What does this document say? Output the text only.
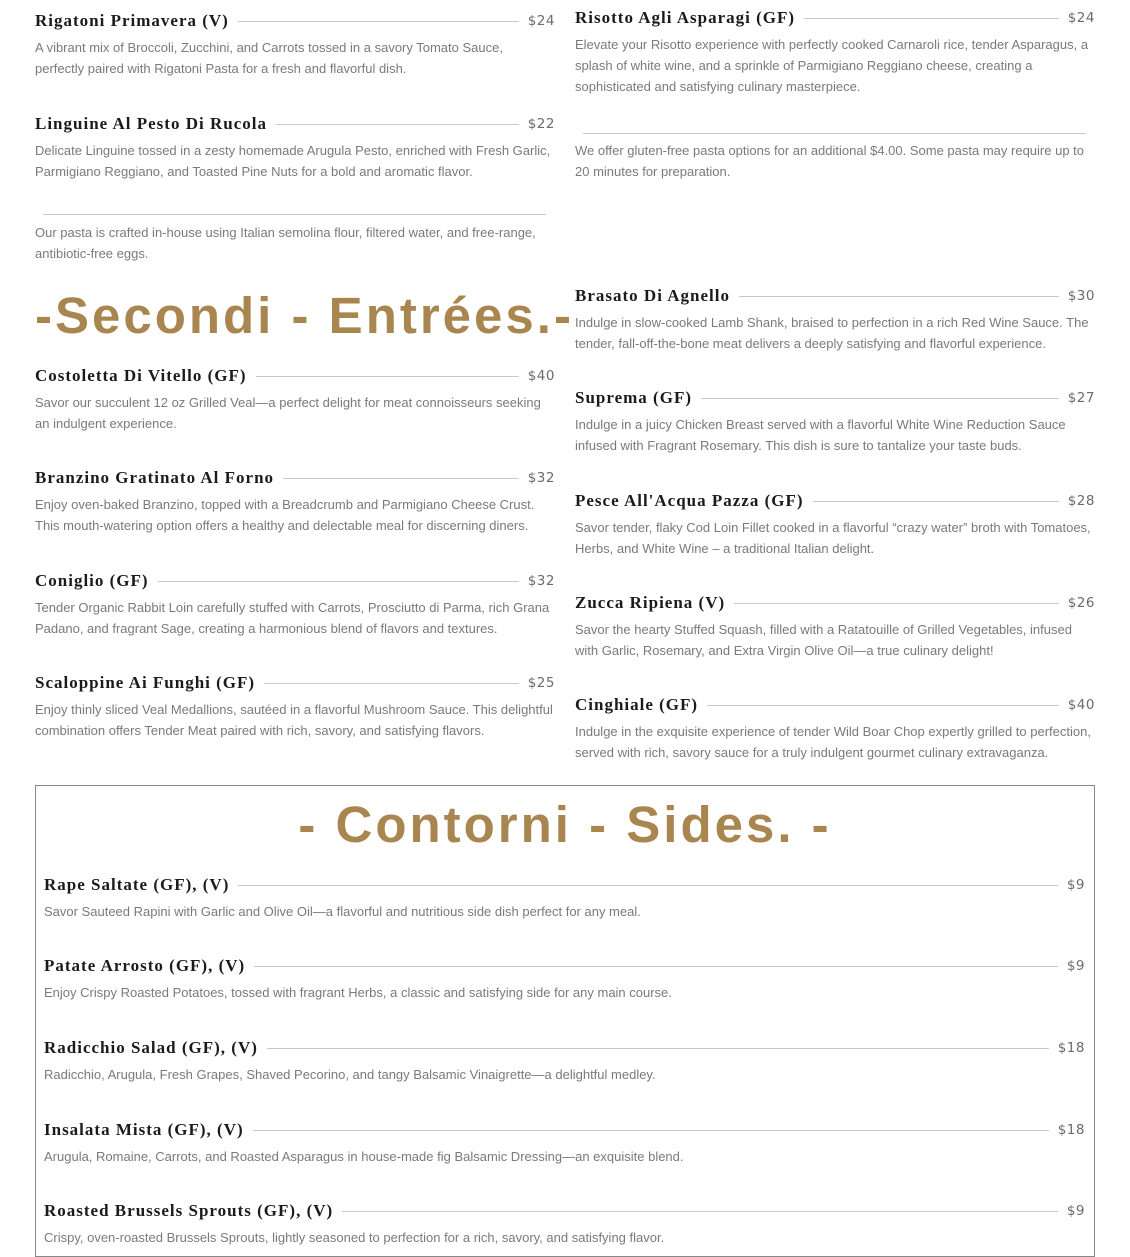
Rigatoni Primavera (V)	$24
A vibrant mix of Broccoli, Zucchini, and Carrots tossed in a savory Tomato Sauce, perfectly paired with Rigatoni Pasta for a fresh and flavorful dish.
Linguine Al Pesto Di Rucola	$22
Delicate Linguine tossed in a zesty homemade Arugula Pesto, enriched with Fresh Garlic, Parmigiano Reggiano, and Toasted Pine Nuts for a bold and aromatic flavor.
Our pasta is crafted in-house using Italian semolina flour, filtered water, and free-range, antibiotic-free eggs.
-Secondi - Entrées.-
Costoletta Di Vitello (GF)	$40
Savor our succulent 12 oz Grilled Veal—a perfect delight for meat connoisseurs seeking an indulgent experience.
Branzino Gratinato Al Forno	$32
Enjoy oven-baked Branzino, topped with a Breadcrumb and Parmigiano Cheese Crust. This mouth-watering option offers a healthy and delectable meal for discerning diners.
Coniglio (GF)	$32
Tender Organic Rabbit Loin carefully stuffed with Carrots, Prosciutto di Parma, rich Grana Padano, and fragrant Sage, creating a harmonious blend of flavors and textures.
Scaloppine Ai Funghi (GF)	$25
Enjoy thinly sliced Veal Medallions, sautéed in a flavorful Mushroom Sauce. This delightful combination offers Tender Meat paired with rich, savory, and satisfying flavors.
Risotto Agli Asparagi (GF)	$24
Elevate your Risotto experience with perfectly cooked Carnaroli rice, tender Asparagus, a splash of white wine, and a sprinkle of Parmigiano Reggiano cheese, creating a sophisticated and satisfying culinary masterpiece.
We offer gluten-free pasta options for an additional $4.00. Some pasta may require up to 20 minutes for preparation.
Brasato Di Agnello	$30
Indulge in slow-cooked Lamb Shank, braised to perfection in a rich Red Wine Sauce. The tender, fall-off-the-bone meat delivers a deeply satisfying and flavorful experience.
Suprema (GF)	$27
Indulge in a juicy Chicken Breast served with a flavorful White Wine Reduction Sauce infused with Fragrant Rosemary. This dish is sure to tantalize your taste buds.
Pesce All'Acqua Pazza (GF)	$28
Savor tender, flaky Cod Loin Fillet cooked in a flavorful “crazy water” broth with Tomatoes, Herbs, and White Wine – a traditional Italian delight.
Zucca Ripiena (V)	$26
Savor the hearty Stuffed Squash, filled with a Ratatouille of Grilled Vegetables, infused with Garlic, Rosemary, and Extra Virgin Olive Oil—a true culinary delight!
Cinghiale (GF)	$40
Indulge in the exquisite experience of tender Wild Boar Chop expertly grilled to perfection, served with rich, savory sauce for a truly indulgent gourmet culinary extravaganza.
- Contorni - Sides. -
Rape Saltate (GF), (V)	$9
Savor Sauteed Rapini with Garlic and Olive Oil—a flavorful and nutritious side dish perfect for any meal.
Patate Arrosto (GF), (V)	$9
Enjoy Crispy Roasted Potatoes, tossed with fragrant Herbs, a classic and satisfying side for any main course.
Radicchio Salad (GF), (V)	$18
Radicchio, Arugula, Fresh Grapes, Shaved Pecorino, and tangy Balsamic Vinaigrette—a delightful medley.
Insalata Mista (GF), (V)	$18
Arugula, Romaine, Carrots, and Roasted Asparagus in house-made fig Balsamic Dressing—an exquisite blend.
Roasted Brussels Sprouts (GF), (V)	$9
Crispy, oven-roasted Brussels Sprouts, lightly seasoned to perfection for a rich, savory, and satisfying flavor.
